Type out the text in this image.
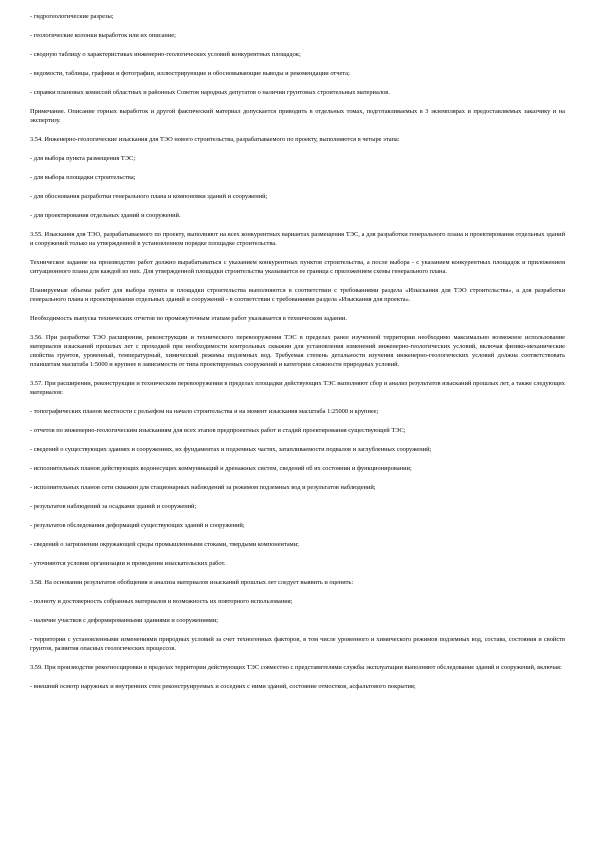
- гидрогеологические разрезы;

- геологические колонки выработок или их описание;

- сводную таблицу о характеристиках инженерно-геологических условий конкурентных площадок;

- ведомости, таблицы, графики и фотографии, иллюстрирующие и обосновывающие выводы и рекомендации отчета;

- справки плановых комиссий областных и районных Советов народных депутатов о наличии грунтовых строительных материалов.

Примечание. Описание горных выработок и другой фактический материал допускается приводить в отдельных томах, подготавливаемых в 3 экземплярах и предоставляемых заказчику и на экспертизу.

3.54. Инженерно-геологические изыскания для ТЭО нового строительства, разрабатываемого по проекту, выполняются в четыре этапа:

- для выбора пункта размещения ТЭС;

- для выбора площадки строительства;

- для обоснования разработки генерального плана и компоновки зданий и сооружений;

- для проектирования отдельных зданий и сооружений.

3.55. Изыскания для ТЭО, разрабатываемого по проекту, выполняют на всех конкурентных вариантах размещения ТЭС, а для разработки генерального плана и проектирования отдельных зданий и сооружений только на утвержденной в установленном порядке площадке строительства.

Техническое задание на производство работ должно вырабатываться с указанием конкурентных пунктов строительства, а после выбора - с указанием конкурентных площадок и приложением ситуационного плана для каждой из них. Для утвержденной площадки строительства указывается ее граница с приложением схемы генерального плана.

Планируемые объемы работ для выбора пункта и площадки строительства выполняются в соответствии с требованиями раздела «Изыскания для ТЭО строительства», а для разработки генерального плана и проектирования отдельных зданий и сооружений - в соответствии с требованиями раздела «Изыскания для проекта».

Необходимость выпуска технических отчетов по промежуточным этапам работ указывается в техническом задании.

3.56. При разработке ТЭО расширения, реконструкции и технического перевооружения ТЭС в пределах ранее изученной территории необходимо максимально возможное использование материалов изысканий прошлых лет с проходкой при необходимости контрольных скважин для установления изменений инженерно-геологических условий, включая физико-механические свойства грунтов, уровенный, температурный, химический режимы подземных вод. Требуемая степень детальности изучения инженерно-геологических условий должна соответствовать планшетам масштаба 1:5000 и крупнее в зависимости от типа проектируемых сооружений и категории сложности природных условий.

3.57. При расширении, реконструкции и техническом перевооружении в пределах площадки действующих ТЭС выполняют сбор и анализ результатов изысканий прошлых лет, а также следующих материалов:

- топографических планов местности с рельефом на начало строительства и на момент изыскания масштаба 1:25000 и крупнее;

- отчетов по инженерно-геологическим изысканиям для всех этапов предпроектных работ и стадий проектирования существующей ТЭС;

- сведений о существующих зданиях и сооружениях, их фундаментах и подземных частях, затапливаемости подвалов и заглубленных сооружений;

- исполнительных планов действующих водонесущих коммуникаций и дренажных систем, сведений об их состоянии и функционировании;

- исполнительных планов сети скважин для стационарных наблюдений за режимом подземных вод и результатов наблюдений;

- результатов наблюдений за осадками зданий и сооружений;

- результатов обследования деформаций существующих зданий и сооружений;

- сведений о загрязнении окружающей среды промышленными стоками, твердыми компонентами;

- уточняются условия организации и проведения изыскательских работ.

3.58. На основании результатов обобщения и анализа материалов изысканий прошлых лет следует выявить и оценить:

- полноту и достоверность собранных материалов и возможность их повторного использования;

- наличие участков с деформированными зданиями и сооружениями;

- территории с установленными изменениями природных условий за счет техногенных факторов, в том числе уровенного и химического режимов подземных вод, состава, состояния и свойств грунтов, развития опасных геологических процессов.

3.59. При производстве рекогносцировки в пределах территории действующих ТЭС совместно с представителями службы эксплуатации выполняют обследование зданий и сооружений, включая:

- внешний осмотр наружных и внутренних стен реконструируемых и соседних с ними зданий, состояние отмостков, асфальтового покрытия;
